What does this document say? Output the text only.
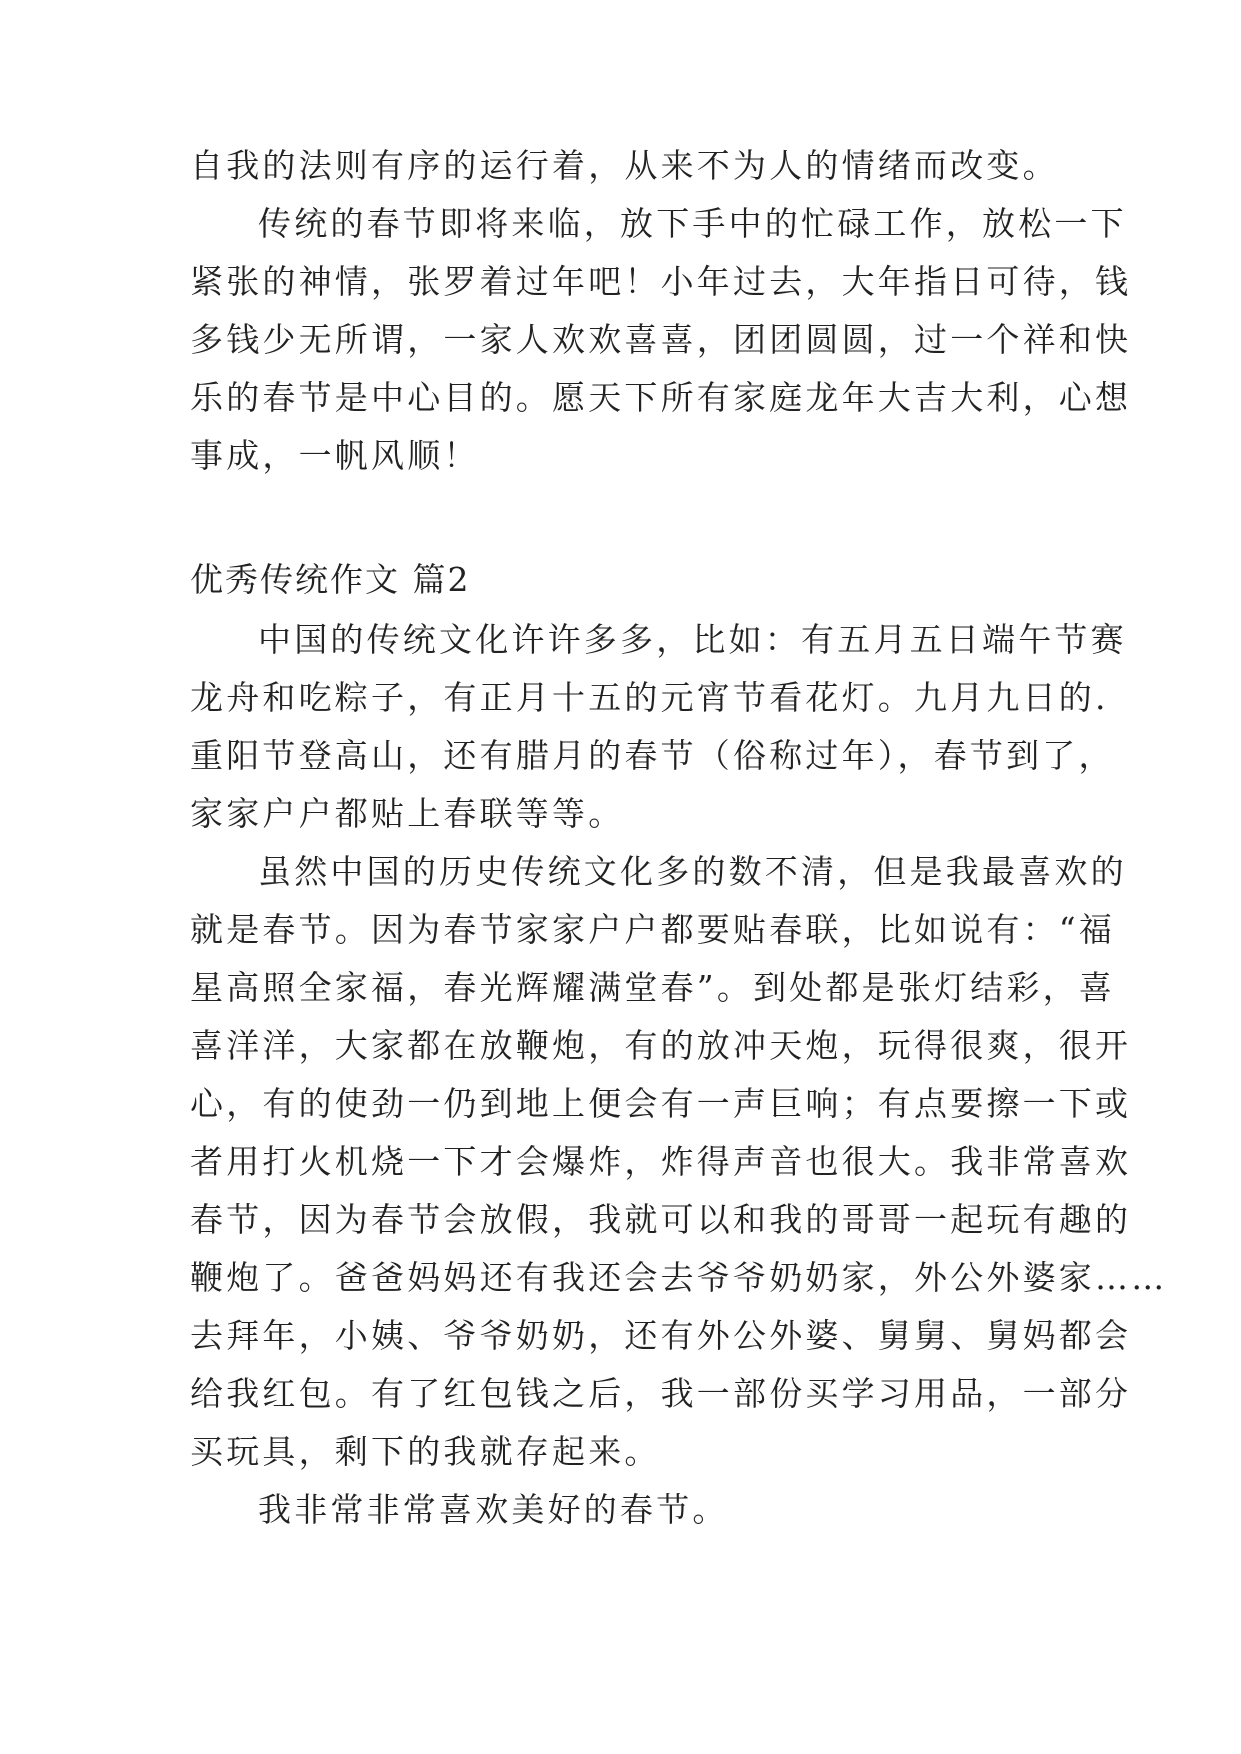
自我的法则有序的运行着，从来不为人的情绪而改变。
传统的春节即将来临，放下手中的忙碌工作，放松一下
紧张的神情，张罗着过年吧！小年过去，大年指日可待，钱
多钱少无所谓，一家人欢欢喜喜，团团圆圆，过一个祥和快
乐的春节是中心目的。愿天下所有家庭龙年大吉大利，心想
事成，一帆风顺！
优秀传统作文 篇2
中国的传统文化许许多多，比如：有五月五日端午节赛
龙舟和吃粽子，有正月十五的元宵节看花灯。九月九日的.
重阳节登高山，还有腊月的春节（俗称过年），春节到了，
家家户户都贴上春联等等。
虽然中国的历史传统文化多的数不清，但是我最喜欢的
就是春节。因为春节家家户户都要贴春联，比如说有：“福
星高照全家福，春光辉耀满堂春”。到处都是张灯结彩，喜
喜洋洋，大家都在放鞭炮，有的放冲天炮，玩得很爽，很开
心，有的使劲一仍到地上便会有一声巨响；有点要擦一下或
者用打火机烧一下才会爆炸，炸得声音也很大。我非常喜欢
春节，因为春节会放假，我就可以和我的哥哥一起玩有趣的
鞭炮了。爸爸妈妈还有我还会去爷爷奶奶家，外公外婆家……
去拜年，小姨、爷爷奶奶，还有外公外婆、舅舅、舅妈都会
给我红包。有了红包钱之后，我一部份买学习用品，一部分
买玩具，剩下的我就存起来。
我非常非常喜欢美好的春节。
